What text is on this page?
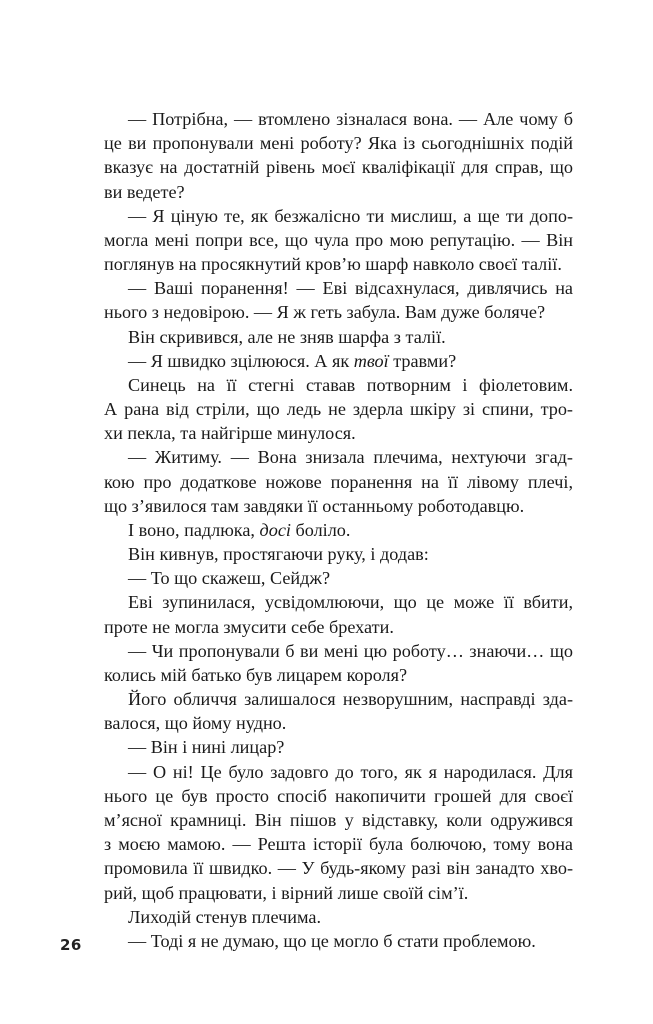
— Потрібна, — втомлено зізналася вона. — Але чому б
це ви пропонували мені роботу? Яка із сьогоднішніх подій
вказує на достатній рівень моєї кваліфікації для справ, що
ви ведете?
— Я ціную те, як безжалісно ти мислиш, а ще ти допо-
могла мені попри все, що чула про мою репутацію. — Він
поглянув на просякнутий кров’ю шарф навколо своєї талії.
— Ваші поранення! — Еві відсахнулася, дивлячись на
нього з недовірою. — Я ж геть забула. Вам дуже боляче?
Він скривився, але не зняв шарфа з талії.
— Я швидко зцілююся. А як твої травми?
Синець на її стегні ставав потворним і фіолетовим.
А рана від стріли, що ледь не здерла шкіру зі спини, тро-
хи пекла, та найгірше минулося.
— Житиму. — Вона знизала плечима, нехтуючи згад-
кою про додаткове ножове поранення на її лівому плечі,
що з’явилося там завдяки її останньому роботодавцю.
І воно, падлюка, досі боліло.
Він кивнув, простягаючи руку, і додав:
— То що скажеш, Сейдж?
Еві зупинилася, усвідомлюючи, що це може її вбити,
проте не могла змусити себе брехати.
— Чи пропонували б ви мені цю роботу… знаючи… що
колись мій батько був лицарем короля?
Його обличчя залишалося незворушним, насправді зда-
валося, що йому нудно.
— Він і нині лицар?
— О ні! Це було задовго до того, як я народилася. Для
нього це був просто спосіб накопичити грошей для своєї
м’ясної крамниці. Він пішов у відставку, коли одружився
з моєю мамою. — Решта історії була болючою, тому вона
промовила її швидко. — У будь-якому разі він занадто хво-
рий, щоб працювати, і вірний лише своїй сім’ї.
Лиходій стенув плечима.
— Тоді я не думаю, що це могло б стати проблемою.
26
